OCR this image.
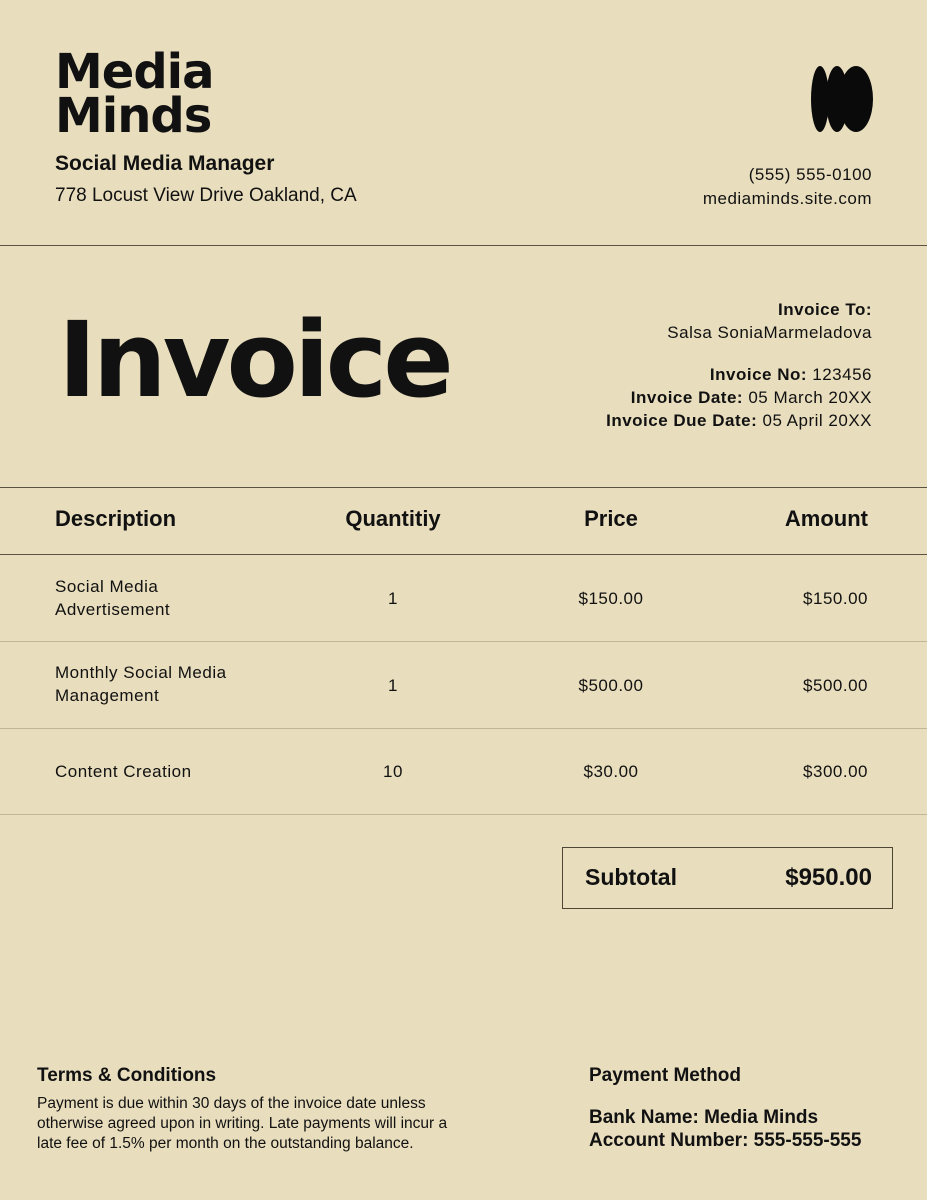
Media
Minds
Social Media Manager
778 Locust View Drive Oakland, CA
(555) 555-0100
mediaminds.site.com
Invoice	Invoice To:
Salsa SoniaMarmeladova
Invoice No: 123456
Invoice Date: 05 March 20XX
Invoice Due Date: 05 April 20XX
Description	Quantitiy	Price	Amount
Social Media
Advertisement
1	$150.00	$150.00
Monthly Social Media
Management
1	$500.00	$500.00
Content Creation	10	$30.00	$300.00
Subtotal	$950.00
Terms & Conditions
Payment is due within 30 days of the invoice date unless
otherwise agreed upon in writing. Late payments will incur a
late fee of 1.5% per month on the outstanding balance.
Payment Method
Bank Name: Media Minds
Account Number: 555-555-555
